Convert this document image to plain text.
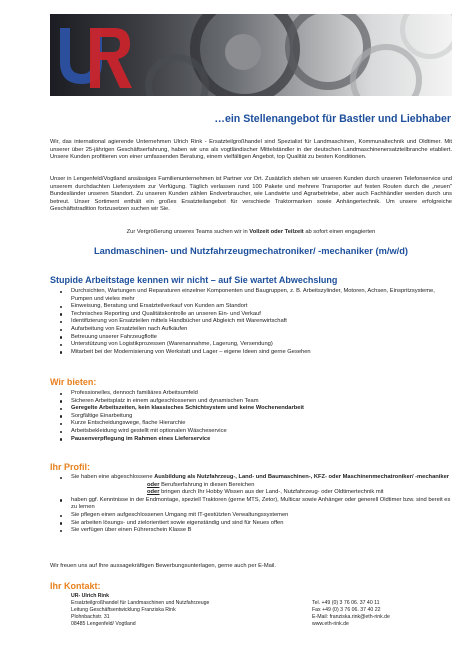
…ein Stellenangebot für Bastler und Liebhaber
Wir, das international agierende Unternehmen Ulrich Rink - Ersatzteilgroßhandel sind Spezialist für Landmaschinen, Kommunaltechnik und Oldtimer. Mit unserer über 25-jährigen Geschäftserfahrung, haben wir uns als vogtländischer Mittelständler in der deutschen Landmaschinenersatzteilbranche etabliert. Unsere Kunden profitieren von einer umfassenden Beratung, einem vielfältigen Angebot, top Qualität zu besten Konditionen.
Unser in Lengenfeld/Vogtland ansässiges Familienunternehmen ist Partner vor Ort. Zusätzlich stehen wir unseren Kunden durch unseren Telefonservice und unserem durchdachten Liefersystem zur Verfügung. Täglich verlassen rund 100 Pakete und mehrere Transporter auf festen Routen durch die „neuen" Bundesländer unseren Standort. Zu unseren Kunden zählen Endverbraucher, wie Landwirte und Agrarbetriebe, aber auch Fachhändler werden durch uns betreut. Unser Sortiment enthält ein großes Ersatzteilangebot für verschiede Traktormarken sowie Anhängertechnik. Um unsere erfolgreiche Geschäftstradition fortzusetzen suchen wir Sie.
Zur Vergrößerung unseres Teams suchen wir in Vollzeit oder Teilzeit ab sofort einen engagierten
Landmaschinen- und Nutzfahrzeugmechatroniker/ -mechaniker (m/w/d)
Stupide Arbeitstage kennen wir nicht – auf Sie wartet Abwechslung
Durchsichten, Wartungen und Reparaturen einzelner Komponenten und Baugruppen, z. B. Arbeitszylinder, Motoren, Achsen, Einspritzsysteme, Pumpen und vieles mehr
Einweisung, Beratung und Ersatzteilverkauf von Kunden am Standort
Technisches Reporting und Qualitätskontrolle an unseren Ein- und Verkauf
Identifizierung von Ersatzteilen mittels Handbücher und Abgleich mit Warenwirtschaft
Aufarbeitung von Ersatzteilen nach Aufkäufen
Betreuung unserer Fahrzeugflotte
Unterstützung von Logistikprozessen (Warenannahme, Lagerung, Versendung)
Mitarbeit bei der Modernisierung von Werkstatt und Lager – eigene Ideen sind gerne Gesehen
Wir bieten:
Professionelles, dennoch familiäres Arbeitsumfeld
Sicheren Arbeitsplatz in einem aufgeschlossenen und dynamischen Team
Geregelte Arbeitszeiten, kein klassisches Schichtsystem und keine Wochenendarbeit
Sorgfältige Einarbeitung
Kurze Entscheidungswege, flache Hierarchie
Arbeitsbekleidung wird gestellt mit optionalen Wäscheservice
Pausenverpflegung im Rahmen eines Lieferservice
Ihr Profil:
Sie haben eine abgeschlossene Ausbildung als Nutzfahrzeug-, Land- und Baumaschinen-, KFZ- oder Maschinenmechatroniker/ -mechaniker
oder Berufserfahrung in diesen Bereichen
oder bringen durch Ihr Hobby Wissen aus der Land-, Nutzfahrzeug- oder Oldtimertechnik mit
haben ggf. Kenntnisse in der Endmontage, speziell Traktoren (gerne MTS, Zetor), Multicar sowie Anhänger oder generell Oldtimer bzw. sind bereit es zu lernen
Sie pflegen einen aufgeschlossenen Umgang mit IT-gestützten Verwaltungssystemen
Sie arbeiten lösungs- und zielorientiert sowie eigenständig und sind für Neues offen
Sie verfügen über einen Führerschein Klasse B
Wir freuen uns auf Ihre aussagekräftigen Bewerbungsunterlagen, gerne auch per E-Mail.
Ihr Kontakt:
UR- Ulrich Rink
Ersatzteilgroßhandel für Landmaschinen und Nutzfahrzeuge
Leitung Geschäftsentwicklung Franziska Rink
Plohnbachstr. 31
08485 Lengenfeld/ Vogtland
Tel. +49 (0) 3 76 06. 37 40 11
Fax +49 (0) 3 76 06. 37 40 22
E-Mail: franziska.rink@eth-rink.de
www.eth-rink.de
